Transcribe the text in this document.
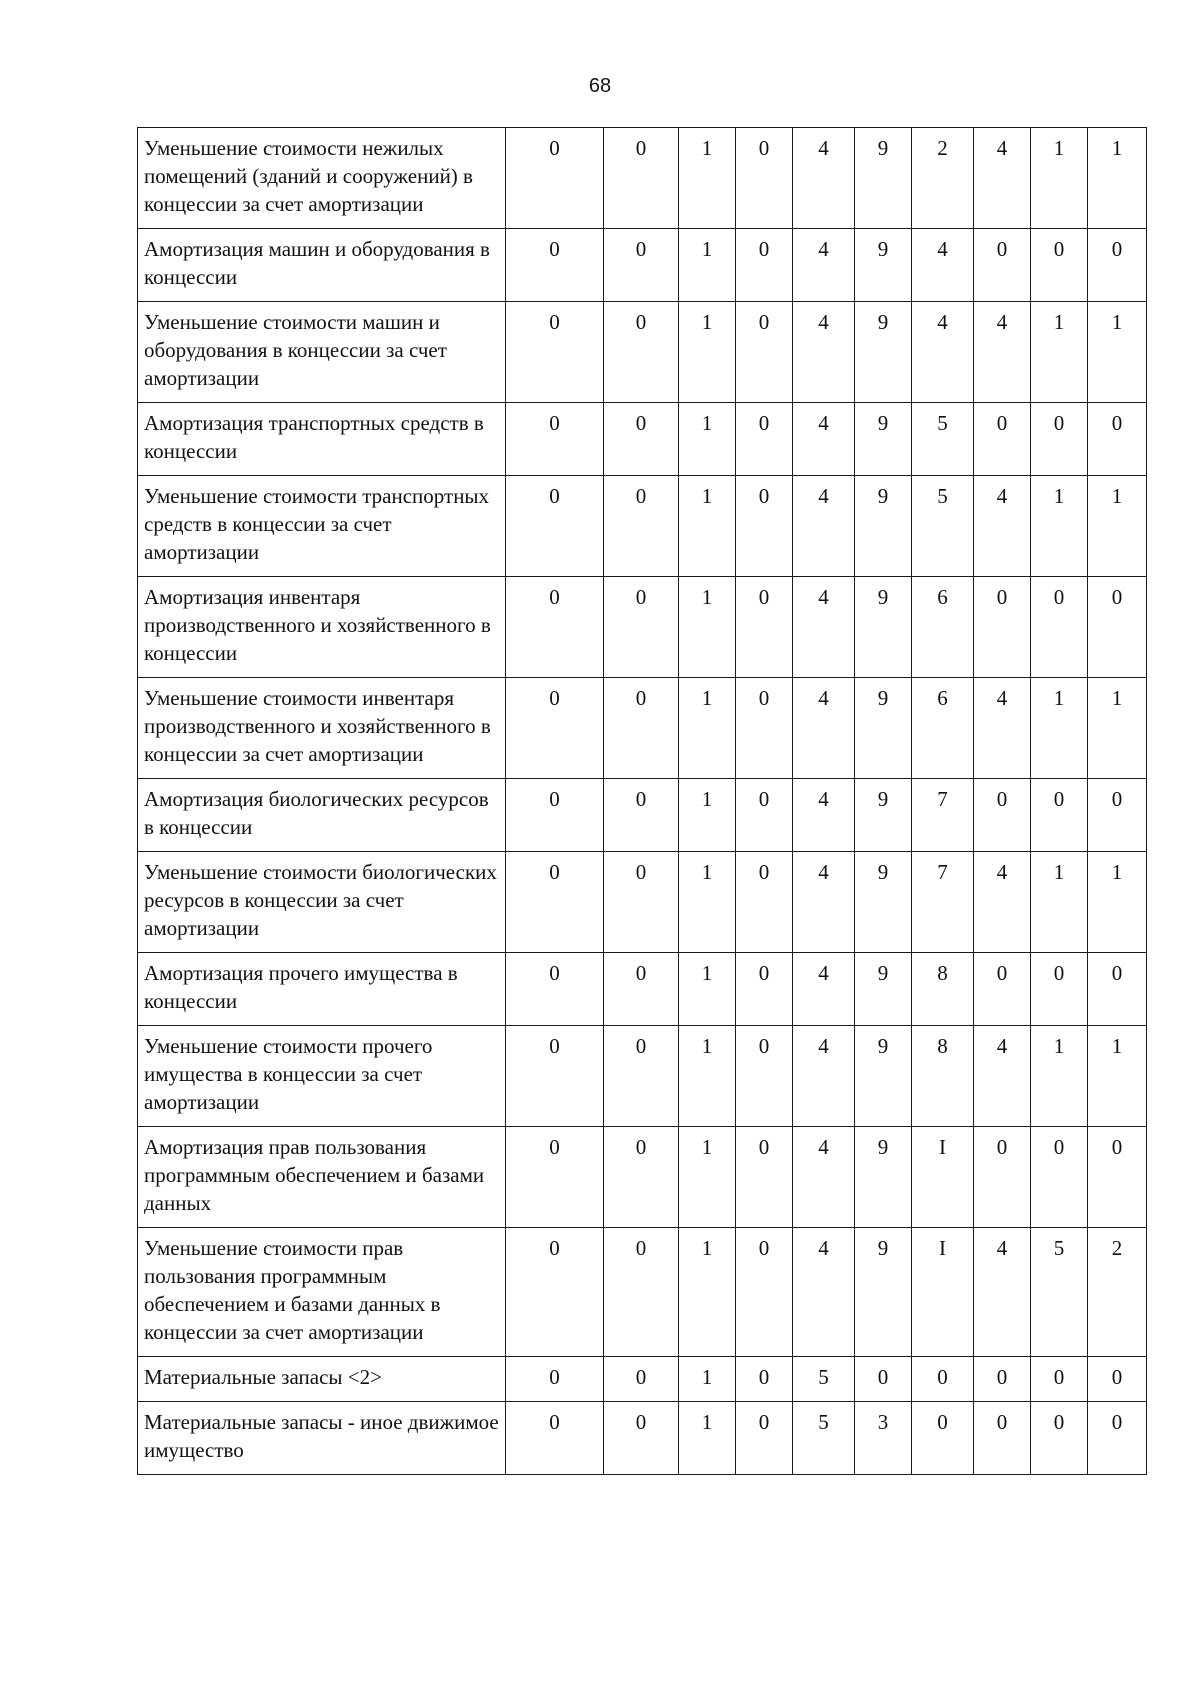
68
Уменьшение стоимости нежилых помещений (зданий и сооружений) в концессии за счет амортизации	0	0	1	0	4	9	2	4	1	1
Амортизация машин и оборудования в концессии	0	0	1	0	4	9	4	0	0	0
Уменьшение стоимости машин и оборудования в концессии за счет амортизации	0	0	1	0	4	9	4	4	1	1
Амортизация транспортных средств в концессии	0	0	1	0	4	9	5	0	0	0
Уменьшение стоимости транспортных средств в концессии за счет амортизации	0	0	1	0	4	9	5	4	1	1
Амортизация инвентаря производственного и хозяйственного в концессии	0	0	1	0	4	9	6	0	0	0
Уменьшение стоимости инвентаря производственного и хозяйственного в концессии за счет амортизации	0	0	1	0	4	9	6	4	1	1
Амортизация биологических ресурсов в концессии	0	0	1	0	4	9	7	0	0	0
Уменьшение стоимости биологических ресурсов в концессии за счет амортизации	0	0	1	0	4	9	7	4	1	1
Амортизация прочего имущества в концессии	0	0	1	0	4	9	8	0	0	0
Уменьшение стоимости прочего имущества в концессии за счет амортизации	0	0	1	0	4	9	8	4	1	1
Амортизация прав пользования программным обеспечением и базами данных	0	0	1	0	4	9	I	0	0	0
Уменьшение стоимости прав пользования программным обеспечением и базами данных в концессии за счет амортизации	0	0	1	0	4	9	I	4	5	2
Материальные запасы <2>	0	0	1	0	5	0	0	0	0	0
Материальные запасы - иное движимое имущество	0	0	1	0	5	3	0	0	0	0
